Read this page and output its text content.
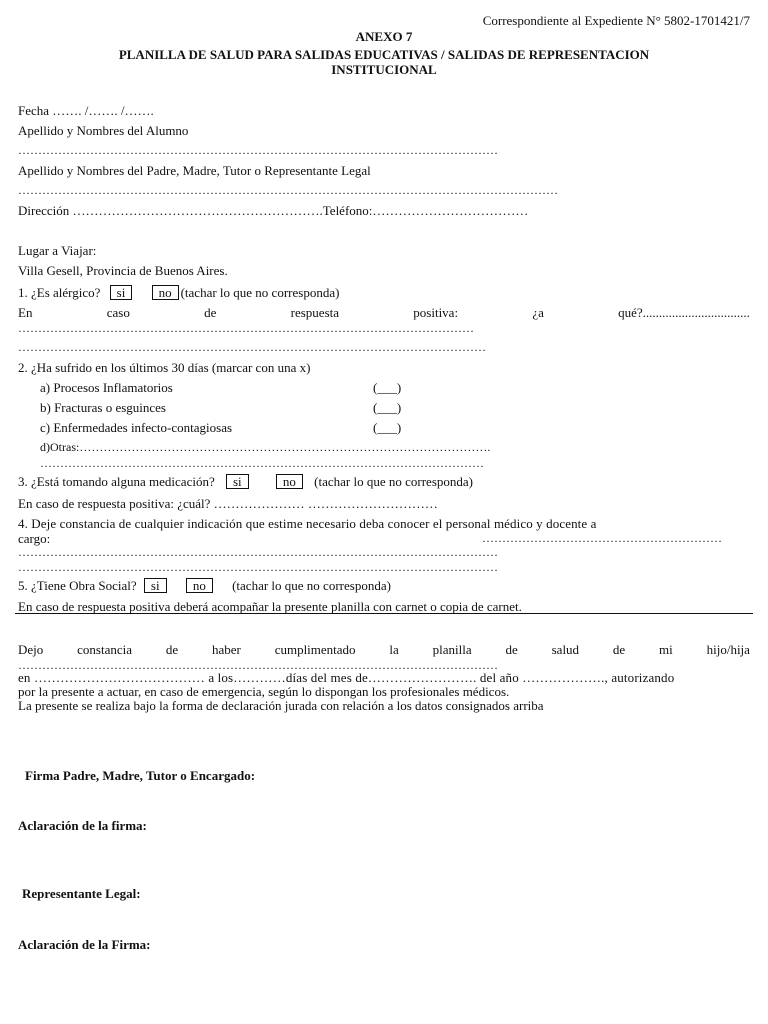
Correspondiente al Expediente N° 5802-1701421/7
ANEXO 7
PLANILLA DE SALUD PARA SALIDAS EDUCATIVAS / SALIDAS DE REPRESENTACION
INSTITUCIONAL
Fecha ……. /……. /…….
Apellido y Nombres del Alumno
…………………………………………………………………………………………………………
Apellido y Nombres del Padre, Madre, Tutor o Representante Legal
………………………………………………………………………………………………………………………
Dirección ………………………………………………….Teléfono:………………………………
Lugar a Viajar:
Villa Gesell, Provincia de Buenos Aires.
1. ¿Es alérgico? si	no (tachar lo que no corresponda)
En	caso	de	respuesta	positiva:	¿a	qué?.................................
……………………………………………………………………………………………………
………………………………………………………………………………………………………
2. ¿Ha sufrido en los últimos 30 días (marcar con una x)
a) Procesos Inflamatorios	(___)
b) Fracturas o esguinces	(___)
c) Enfermedades infecto-contagiosas	(___)
d)Otras:………………………………………………………………………………………….
…………………………………………………………………………………………………
3. ¿Está tomando alguna medicación? si	no (tachar lo que no corresponda)
En caso de respuesta positiva: ¿cuál? ………………… …………………………
4. Deje constancia de cualquier indicación que estime necesario deba conocer el personal médico y docente a
cargo:	……………………………………………………
…………………………………………………………………………………………………………
…………………………………………………………………………………………………………
5. ¿Tiene Obra Social? si	no (tachar lo que no corresponda)
En caso de respuesta positiva deberá acompañar la presente planilla con carnet o copia de carnet.
Dejo	constancia	de	haber	cumplimentado	la	planilla	de	salud	de	mi	hijo/hija
…………………………………………………………………………………………………………
en ………………………………… a los…………días del mes de……………………. del año ………………., autorizando
por la presente a actuar, en caso de emergencia, según lo dispongan los profesionales médicos.
La presente se realiza bajo la forma de declaración jurada con relación a los datos consignados arriba
Firma Padre, Madre, Tutor o Encargado:
Aclaración de la firma:
Representante Legal:
Aclaración de la Firma:
